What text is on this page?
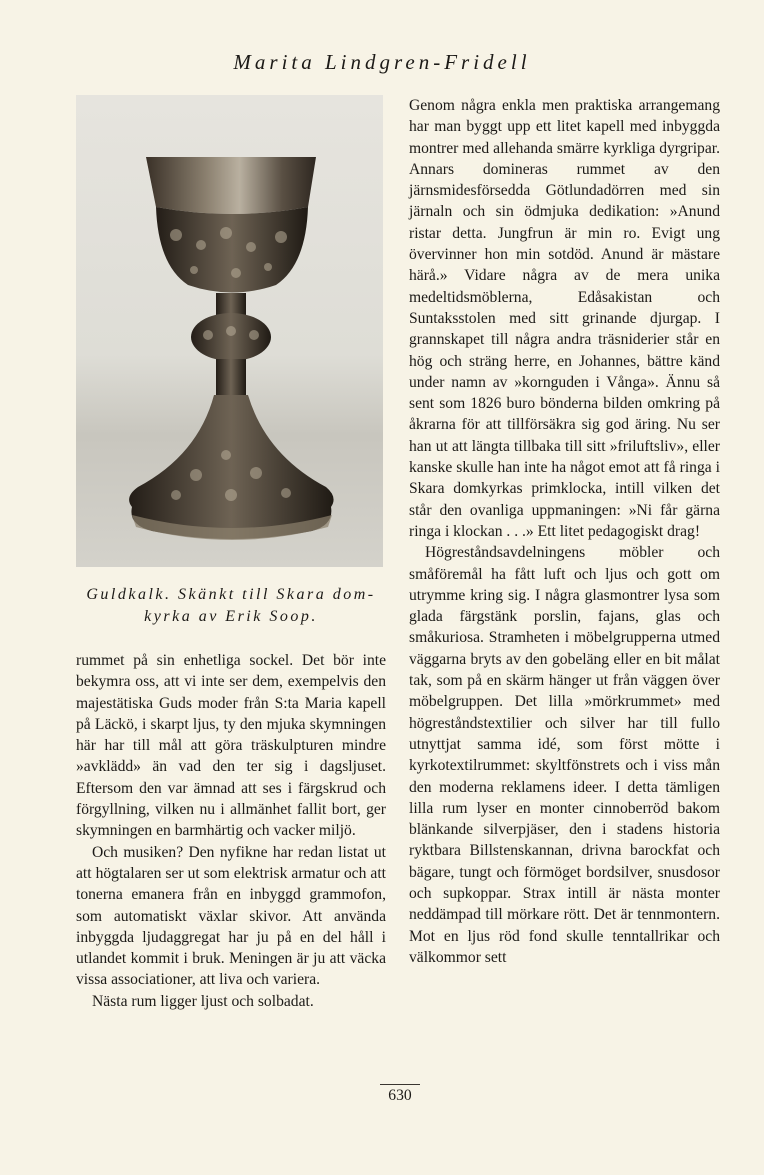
Marita Lindgren-Fridell
Guldkalk. Skänkt till Skara dom-
kyrka av Erik Soop.

rummet på sin enhetliga sockel. Det bör inte bekymra oss, att vi inte ser dem, exempelvis den majestätiska Guds moder från S:ta Maria kapell på Läckö, i skarpt ljus, ty den mjuka skymningen här har till mål att göra träskulpturen mindre »avklädd» än vad den ter sig i dagsljuset. Eftersom den var ämnad att ses i färgskrud och förgyllning, vilken nu i allmänhet fallit bort, ger skymningen en barmhärtig och vacker miljö.

Och musiken? Den nyfikne har redan listat ut att högtalaren ser ut som elektrisk armatur och att tonerna emanera från en inbyggd grammofon, som automatiskt växlar skivor. Att använda inbyggda ljudaggregat har ju på en del håll i utlandet kommit i bruk. Meningen är ju att väcka vissa associationer, att liva och variera.

Nästa rum ligger ljust och solbadat.

Genom några enkla men praktiska arrangemang har man byggt upp ett litet kapell med inbyggda montrer med allehanda smärre kyrkliga dyrgripar. Annars domineras rummet av den järnsmidesförsedda Götlundadörren med sin järnaln och sin ödmjuka dedikation: »Anund ristar detta. Jungfrun är min ro. Evigt ung övervinner hon min sotdöd. Anund är mästare härå.» Vidare några av de mera unika medeltidsmöblerna, Edåsakistan och Suntaksstolen med sitt grinande djurgap. I grannskapet till några andra träsniderier står en hög och sträng herre, en Johannes, bättre känd under namn av »kornguden i Vånga». Ännu så sent som 1826 buro bönderna bilden omkring på åkrarna för att tillförsäkra sig god äring. Nu ser han ut att längta tillbaka till sitt »friluftsliv», eller kanske skulle han inte ha något emot att få ringa i Skara domkyrkas primklocka, intill vilken det står den ovanliga uppmaningen: »Ni får gärna ringa i klockan . . .» Ett litet pedagogiskt drag!

Högreståndsavdelningens möbler och småföremål ha fått luft och ljus och gott om utrymme kring sig. I några glasmontrer lysa som glada färgstänk porslin, fajans, glas och småkuriosa. Stramheten i möbelgrupperna utmed väggarna bryts av den gobeläng eller en bit målat tak, som på en skärm hänger ut från väggen över möbelgruppen. Det lilla »mörkrummet» med högreståndstextilier och silver har till fullo utnyttjat samma idé, som först mötte i kyrkotextilrummet: skyltfönstrets och i viss mån den moderna reklamens ideer. I detta tämligen lilla rum lyser en monter cinnoberröd bakom blänkande silverpjäser, den i stadens historia ryktbara Billstenskannan, drivna barockfat och bägare, tungt och förmöget bordsilver, snusdosor och supkoppar. Strax intill är nästa monter neddämpad till mörkare rött. Det är tennmontern. Mot en ljus röd fond skulle tenntallrikar och välkommor sett

630
